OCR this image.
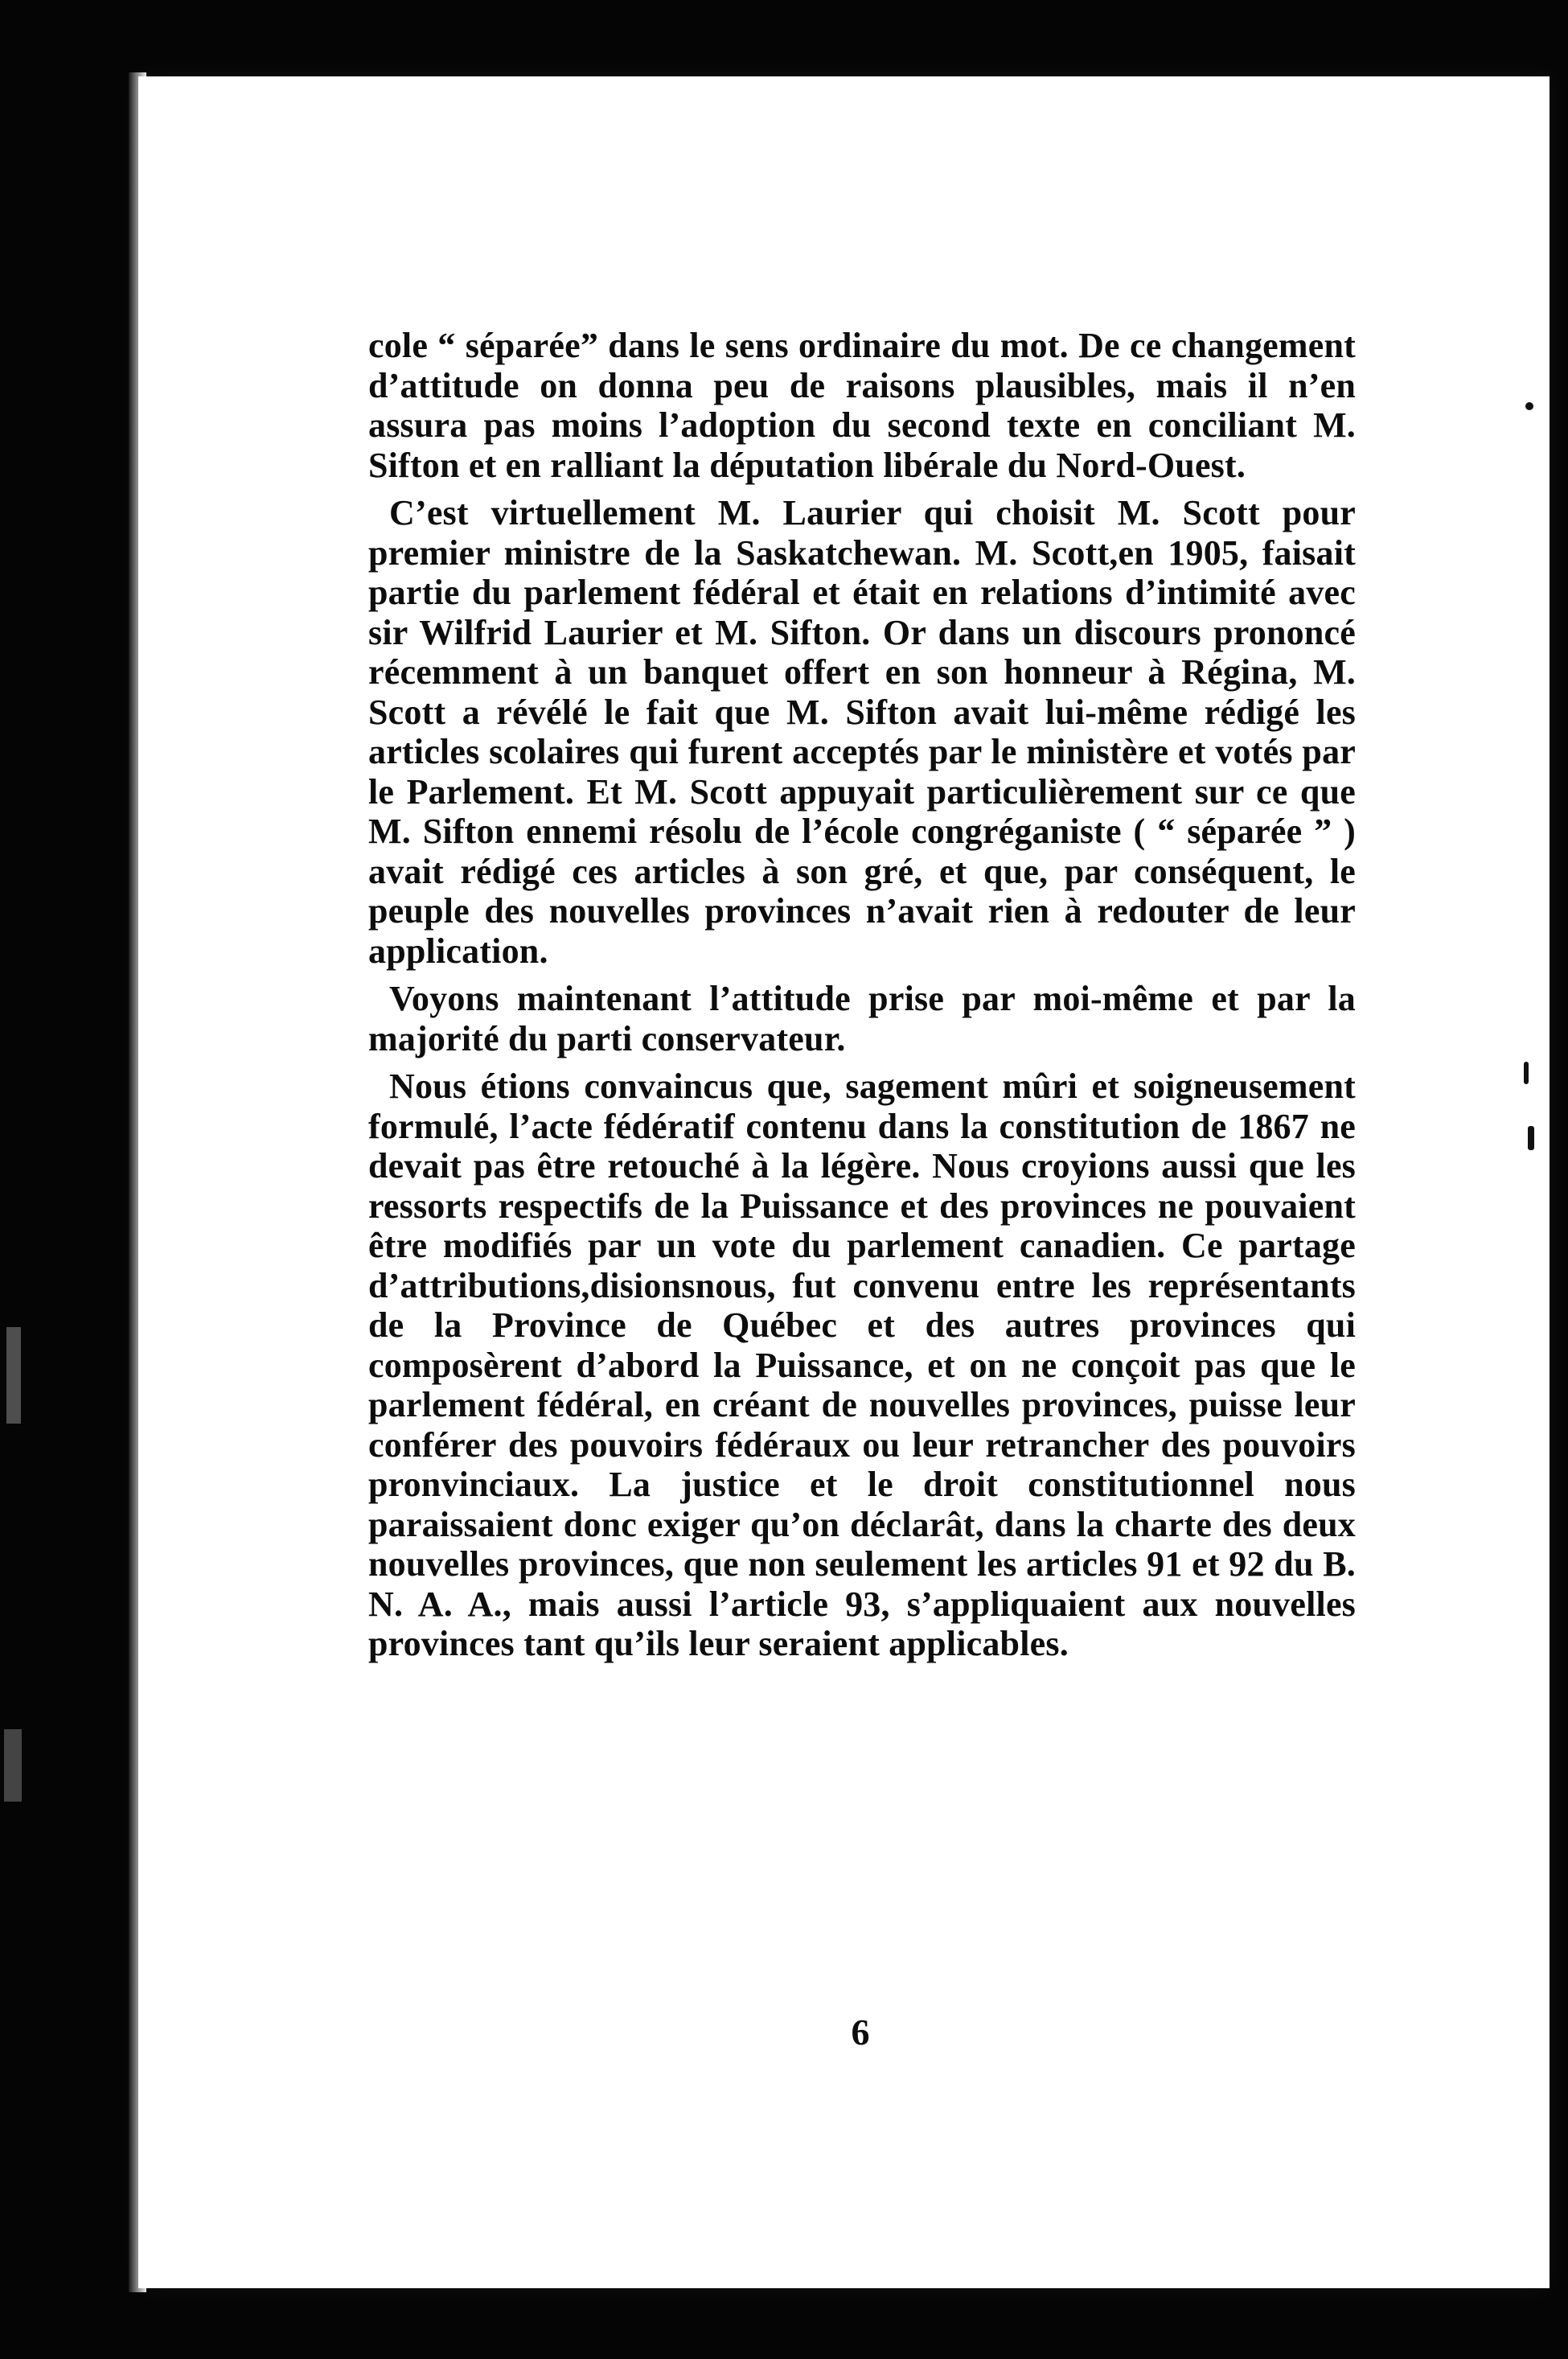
cole “ séparée” dans le sens ordinaire du mot. De ce changement d’attitude on donna peu de raisons plausibles, mais il n’en assura pas moins l’adoption du second texte en conciliant M. Sifton et en ralliant la députation libérale du Nord-Ouest.

C’est virtuellement M. Laurier qui choisit M. Scott pour premier ministre de la Saskatchewan. M. Scott,en 1905, faisait partie du parlement fédéral et était en relations d’intimité avec sir Wilfrid Laurier et M. Sifton. Or dans un discours prononcé récemment à un banquet offert en son honneur à Régina, M. Scott a révélé le fait que M. Sifton avait lui-même rédigé les articles scolaires qui furent acceptés par le ministère et votés par le Parlement. Et M. Scott appuyait particulièrement sur ce que M. Sifton ennemi résolu de l’école congréganiste ( “ séparée ” ) avait rédigé ces articles à son gré, et que, par conséquent, le peuple des nouvelles provinces n’avait rien à redouter de leur application.

Voyons maintenant l’attitude prise par moi-même et par la majorité du parti conservateur.

Nous étions convaincus que, sagement mûri et soigneusement formulé, l’acte fédératif contenu dans la constitution de 1867 ne devait pas être retouché à la légère. Nous croyions aussi que les ressorts respectifs de la Puissance et des provinces ne pouvaient être modifiés par un vote du parlement canadien. Ce partage d’attributions,disionsnous, fut convenu entre les représentants de la Province de Québec et des autres provinces qui composèrent d’abord la Puissance, et on ne conçoit pas que le parlement fédéral, en créant de nouvelles provinces, puisse leur conférer des pouvoirs fédéraux ou leur retrancher des pouvoirs pronvinciaux. La justice et le droit constitutionnel nous paraissaient donc exiger qu’on déclarât, dans la charte des deux nouvelles provinces, que non seulement les articles 91 et 92 du B. N. A. A., mais aussi l’article 93, s’appliquaient aux nouvelles provinces tant qu’ils leur seraient applicables.

6
